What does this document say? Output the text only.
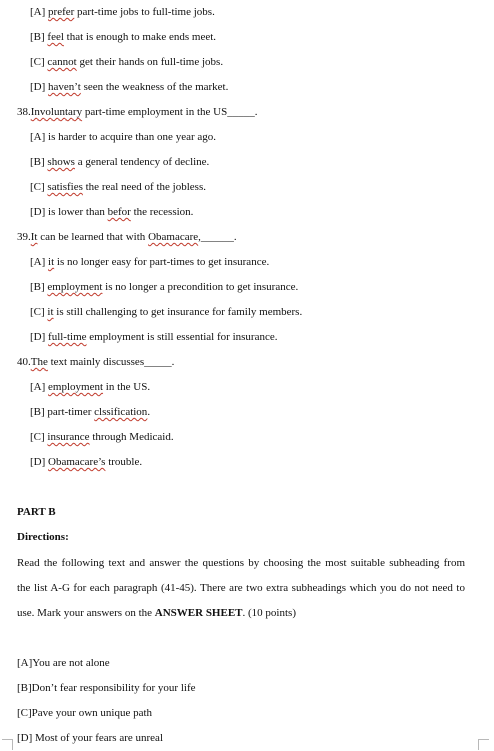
[A] prefer part-time jobs to full-time jobs.
[B] feel that is enough to make ends meet.
[C] cannot get their hands on full-time jobs.
[D] haven’t seen the weakness of the market.
38.Involuntary part-time employment in the US_____.
[A] is harder to acquire than one year ago.
[B] shows a general tendency of decline.
[C] satisfies the real need of the jobless.
[D] is lower than befor the recession.
39.It can be learned that with Obamacare,______.
[A] it is no longer easy for part-times to get insurance.
[B] employment is no longer a precondition to get insurance.
[C] it is still challenging to get insurance for family members.
[D] full-time employment is still essential for insurance.
40.The text mainly discusses_____.
[A] employment in the US.
[B] part-timer clssification.
[C] insurance through Medicaid.
[D] Obamacare’s trouble.
PART B
Directions:
Read the following text and answer the questions by choosing the most suitable subheading from
the list A-G for each paragraph (41-45). There are two extra subheadings which you do not need to
use. Mark your answers on the ANSWER SHEET. (10 points)
[A]You are not alone
[B]Don’t fear responsibility for your life
[C]Pave your own unique path
[D] Most of your fears are unreal
